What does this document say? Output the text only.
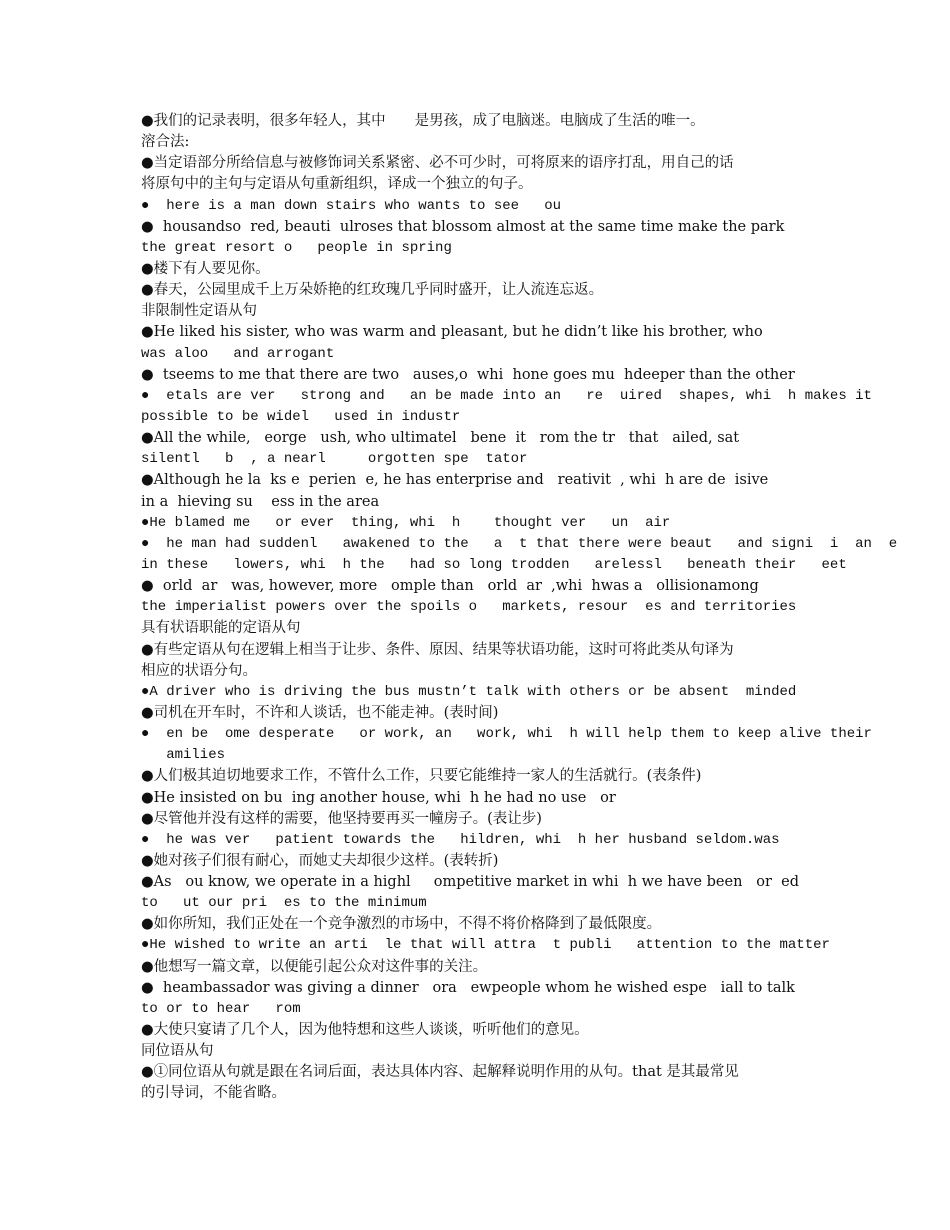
●我们的记录表明，很多年轻人，其中　　是男孩，成了电脑迷。电脑成了生活的唯一。
溶合法:
●当定语部分所给信息与被修饰词关系紧密、必不可少时，可将原来的语序打乱，用自己的话
将原句中的主句与定语从句重新组织，译成一个独立的句子。
●  here is a man down stairs who wants to see   ou
●  housandso  red, beauti  ulroses that blossom almost at the same time make the park
the great resort o   people in spring
●楼下有人要见你。
●春天，公园里成千上万朵娇艳的红玫瑰几乎同时盛开，让人流连忘返。
非限制性定语从句
●He liked his sister, who was warm and pleasant, but he didn’t like his brother, who
was aloo   and arrogant
●  tseems to me that there are two   auses,o  whi  hone goes mu  hdeeper than the other
●  etals are ver   strong and   an be made into an   re  uired  shapes, whi  h makes it
possible to be widel   used in industr
●All the while,   eorge   ush, who ultimatel   bene  it   rom the tr   that   ailed, sat
silentl   b  , a nearl     orgotten spe  tator
●Although he la  ks e  perien  e, he has enterprise and   reativit  , whi  h are de  isive
in a  hieving su    ess in the area
●He blamed me   or ever  thing, whi  h    thought ver   un  air
●  he man had suddenl   awakened to the   a  t that there were beaut   and signi  i  an  e
in these   lowers, whi  h the   had so long trodden   arelessl   beneath their   eet
●  orld  ar   was, however, more   omple than   orld  ar  ,whi  hwas a   ollisionamong
the imperialist powers over the spoils o   markets, resour  es and territories
具有状语职能的定语从句
●有些定语从句在逻辑上相当于让步、条件、原因、结果等状语功能，这时可将此类从句译为
相应的状语分句。
●A driver who is driving the bus mustn’t talk with others or be absent  minded
●司机在开车时，不许和人谈话，也不能走神。(表时间)
●  en be  ome desperate   or work, an   work, whi  h will help them to keep alive their
amilies
●人们极其迫切地要求工作，不管什么工作，只要它能维持一家人的生活就行。(表条件)
●He insisted on bu  ing another house, whi  h he had no use   or
●尽管他并没有这样的需要，他坚持要再买一幢房子。(表让步)
●  he was ver   patient towards the   hildren, whi  h her husband seldom.was
●她对孩子们很有耐心，而她丈夫却很少这样。(表转折)
●As   ou know, we operate in a highl     ompetitive market in whi  h we have been   or  ed
to   ut our pri  es to the minimum
●如你所知，我们正处在一个竞争激烈的市场中，不得不将价格降到了最低限度。
●He wished to write an arti  le that will attra  t publi   attention to the matter
●他想写一篇文章，以便能引起公众对这件事的关注。
●  heambassador was giving a dinner   ora   ewpeople whom he wished espe   iall to talk
to or to hear   rom
●大使只宴请了几个人，因为他特想和这些人谈谈，听听他们的意见。
同位语从句
●①同位语从句就是跟在名词后面，表达具体内容、起解释说明作用的从句。that 是其最常见
的引导词，不能省略。
